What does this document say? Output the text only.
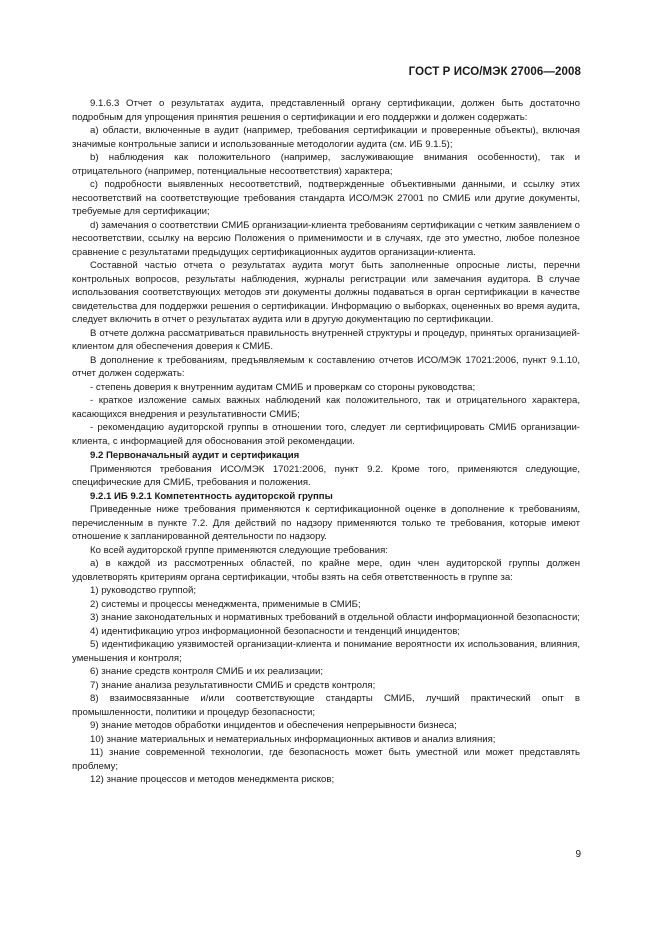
ГОСТ Р ИСО/МЭК 27006—2008

9.1.6.3 Отчет о результатах аудита, представленный органу сертификации, должен быть достаточно подробным для упрощения принятия решения о сертификации и его поддержки и должен содержать:

a) области, включенные в аудит (например, требования сертификации и проверенные объекты), включая значимые контрольные записи и использованные методологии аудита (см. ИБ 9.1.5);

b) наблюдения как положительного (например, заслуживающие внимания особенности), так и отрицательного (например, потенциальные несоответствия) характера;

c) подробности выявленных несоответствий, подтвержденные объективными данными, и ссылку этих несоответствий на соответствующие требования стандарта ИСО/МЭК 27001 по СМИБ или другие документы, требуемые для сертификации;

d) замечания о соответствии СМИБ организации-клиента требованиям сертификации с четким заявлением о несоответствии, ссылку на версию Положения о применимости и в случаях, где это уместно, любое полезное сравнение с результатами предыдущих сертификационных аудитов организации-клиента.

Составной частью отчета о результатах аудита могут быть заполненные опросные листы, перечни контрольных вопросов, результаты наблюдения, журналы регистрации или замечания аудитора. В случае использования соответствующих методов эти документы должны подаваться в орган сертификации в качестве свидетельства для поддержки решения о сертификации. Информацию о выборках, оцененных во время аудита, следует включить в отчет о результатах аудита или в другую документацию по сертификации.

В отчете должна рассматриваться правильность внутренней структуры и процедур, принятых организацией-клиентом для обеспечения доверия к СМИБ.

В дополнение к требованиям, предъявляемым к составлению отчетов ИСО/МЭК 17021:2006, пункт 9.1.10, отчет должен содержать:

- степень доверия к внутренним аудитам СМИБ и проверкам со стороны руководства;

- краткое изложение самых важных наблюдений как положительного, так и отрицательного характера, касающихся внедрения и результативности СМИБ;

- рекомендацию аудиторской группы в отношении того, следует ли сертифицировать СМИБ организации-клиента, с информацией для обоснования этой рекомендации.

9.2 Первоначальный аудит и сертификация

Применяются требования ИСО/МЭК 17021:2006, пункт 9.2. Кроме того, применяются следующие, специфические для СМИБ, требования и положения.

9.2.1 ИБ 9.2.1 Компетентность аудиторской группы

Приведенные ниже требования применяются к сертификационной оценке в дополнение к требованиям, перечисленным в пункте 7.2. Для действий по надзору применяются только те требования, которые имеют отношение к запланированной деятельности по надзору.

Ко всей аудиторской группе применяются следующие требования:

a) в каждой из рассмотренных областей, по крайне мере, один член аудиторской группы должен удовлетворять критериям органа сертификации, чтобы взять на себя ответственность в группе за:

1) руководство группой;

2) системы и процессы менеджмента, применимые в СМИБ;

3) знание законодательных и нормативных требований в отдельной области информационной безопасности;

4) идентификацию угроз информационной безопасности и тенденций инцидентов;

5) идентификацию уязвимостей организации-клиента и понимание вероятности их использования, влияния, уменьшения и контроля;

6) знание средств контроля СМИБ и их реализации;

7) знание анализа результативности СМИБ и средств контроля;

8) взаимосвязанные и/или соответствующие стандарты СМИБ, лучший практический опыт в промышленности, политики и процедур безопасности;

9) знание методов обработки инцидентов и обеспечения непрерывности бизнеса;

10) знание материальных и нематериальных информационных активов и анализ влияния;

11) знание современной технологии, где безопасность может быть уместной или может представлять проблему;

12) знание процессов и методов менеджмента рисков;

9
